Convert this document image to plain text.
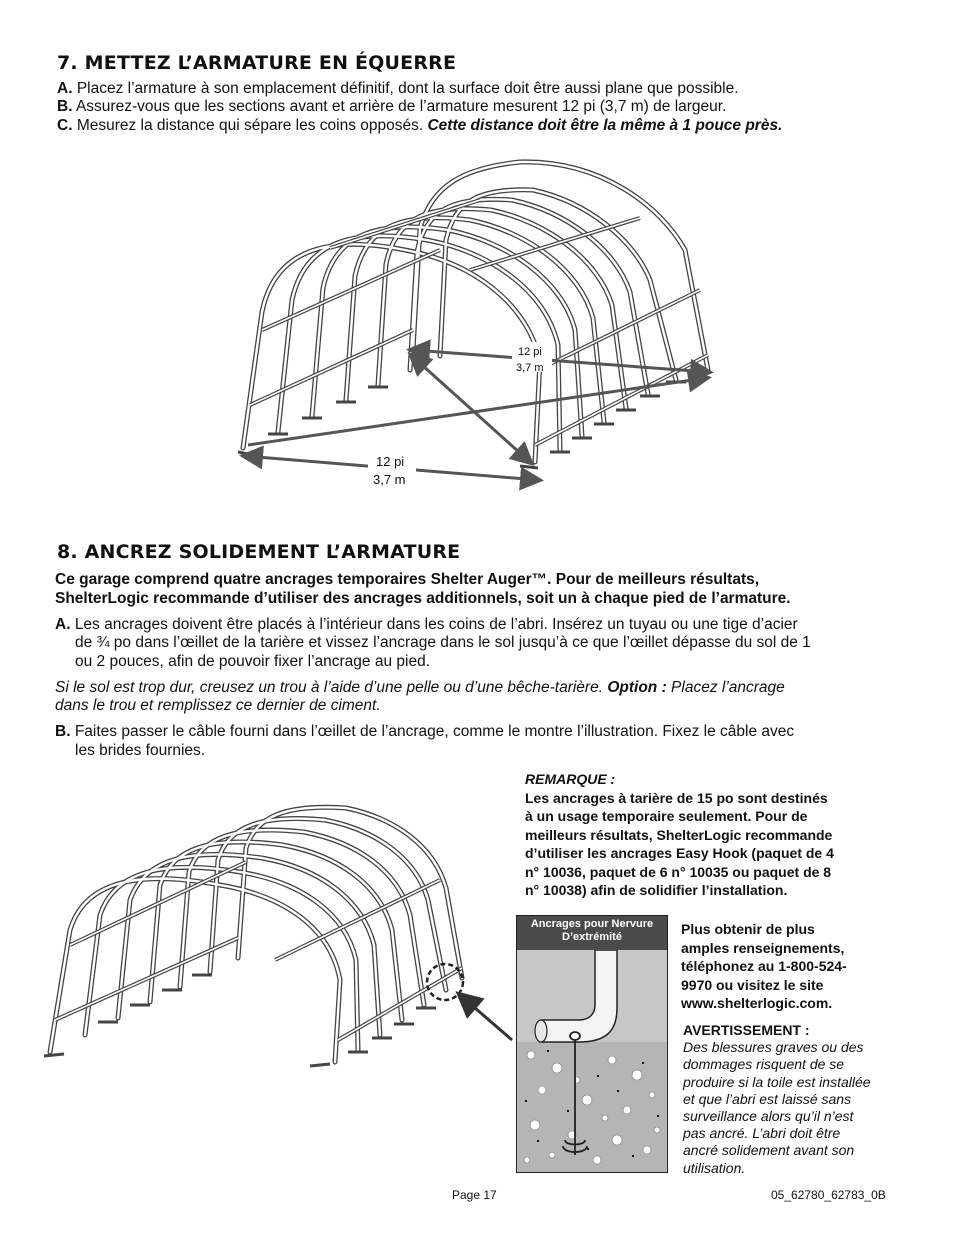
7. METTEZ L’ARMATURE EN ÉQUERRE
A. Placez l’armature à son emplacement définitif, dont la surface doit être aussi plane que possible.
B. Assurez-vous que les sections avant et arrière de l’armature mesurent 12 pi (3,7 m) de largeur.
C. Mesurez la distance qui sépare les coins opposés. Cette distance doit être la même à 1 pouce près.
12 pi
3,7 m
12 pi
3,7 m
8. ANCREZ SOLIDEMENT L’ARMATURE
Ce garage comprend quatre ancrages temporaires Shelter Auger™. Pour de meilleurs résultats,
ShelterLogic recommande d’utiliser des ancrages additionnels, soit un à chaque pied de l’armature.
A. Les ancrages doivent être placés à l’intérieur dans les coins de l’abri. Insérez un tuyau ou une tige d’acier
de ¾ po dans l’œillet de la tarière et vissez l’ancrage dans le sol jusqu’à ce que l’œillet dépasse du sol de 1
ou 2 pouces, afin de pouvoir fixer l’ancrage au pied.
Si le sol est trop dur, creusez un trou à l’aide d’une pelle ou d’une bêche-tarière. Option : Placez l’ancrage
dans le trou et remplissez ce dernier de ciment.
B. Faites passer le câble fourni dans l’œillet de l’ancrage, comme le montre l’illustration. Fixez le câble avec
les brides fournies.
REMARQUE :
Les ancrages à tarière de 15 po sont destinés
à un usage temporaire seulement. Pour de
meilleurs résultats, ShelterLogic recommande
d’utiliser les ancrages Easy Hook (paquet de 4
n° 10036, paquet de 6 n° 10035 ou paquet de 8
n° 10038) afin de solidifier l’installation.
Ancrages pour Nervure
D’extrémité	Plus obtenir de plus
amples renseignements,
téléphonez au 1-800-524-
9970 ou visitez le site
www.shelterlogic.com.
AVERTISSEMENT :
Des blessures graves ou des
dommages risquent de se
produire si la toile est installée
et que l’abri est laissé sans
surveillance alors qu’il n’est
pas ancré. L’abri doit être
ancré solidement avant son
utilisation.
Page 17	05_62780_62783_0B
